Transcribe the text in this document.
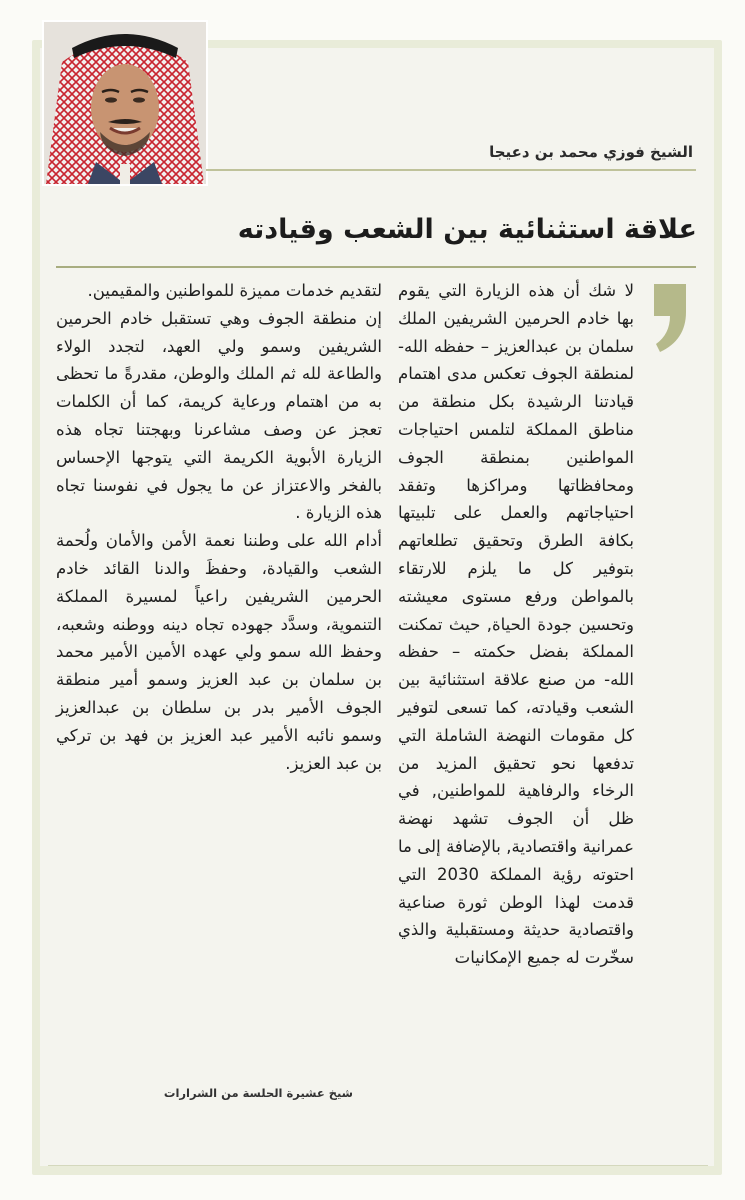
الشيخ فوزي محمد بن دعيجا
علاقة استثنائية بين الشعب وقيادته

لا شك أن هذه الزيارة التي يقوم بها خادم الحرمين الشريفين الملك سلمان بن عبدالعزيز – حفظه الله- لمنطقة الجوف تعكس مدى اهتمام قيادتنا الرشيدة بكل منطقة من مناطق المملكة لتلمس احتياجات المواطنين بمنطقة الجوف ومحافظاتها ومراكزها وتفقد احتياجاتهم والعمل على تلبيتها بكافة الطرق وتحقيق تطلعاتهم بتوفير كل ما يلزم للارتقاء بالمواطن ورفع مستوى معيشته وتحسين جودة الحياة, حيث تمكنت المملكة بفضل حكمته – حفظه الله- من صنع علاقة استثنائية بين الشعب وقيادته، كما تسعى لتوفير كل مقومات النهضة الشاملة التي تدفعها نحو تحقيق المزيد من الرخاء والرفاهية للمواطنين, في ظل أن الجوف تشهد نهضة عمرانية واقتصادية, بالإضافة إلى ما احتوته رؤية المملكة 2030 التي قدمت لهذا الوطن ثورة صناعية واقتصادية حديثة ومستقبلية والذي سخّرت له جميع الإمكانيات

لتقديم خدمات مميزة للمواطنين والمقيمين.

إن منطقة الجوف وهي تستقبل خادم الحرمين الشريفين وسمو ولي العهد، لتجدد الولاء والطاعة لله ثم الملك والوطن، مقدرةً ما تحظى به من اهتمام ورعاية كريمة، كما أن الكلمات تعجز عن وصف مشاعرنا وبهجتنا تجاه هذه الزيارة الأبوية الكريمة التي يتوجها الإحساس بالفخر والاعتزاز عن ما يجول في نفوسنا تجاه هذه الزيارة .

أدام الله على وطننا نعمة الأمن والأمان ولُحمة الشعب والقيادة، وحفظَ والدنا القائد خادم الحرمين الشريفين راعياً لمسيرة المملكة التنموية، وسدَّد جهوده تجاه دينه ووطنه وشعبه، وحفظ الله سمو ولي عهده الأمين الأمير محمد بن سلمان بن عبد العزيز وسمو أمير منطقة الجوف الأمير بدر بن سلطان بن عبدالعزيز وسمو نائبه الأمير عبد العزيز بن فهد بن تركي بن عبد العزيز.

شيخ عشيرة الحلسة من الشرارات
